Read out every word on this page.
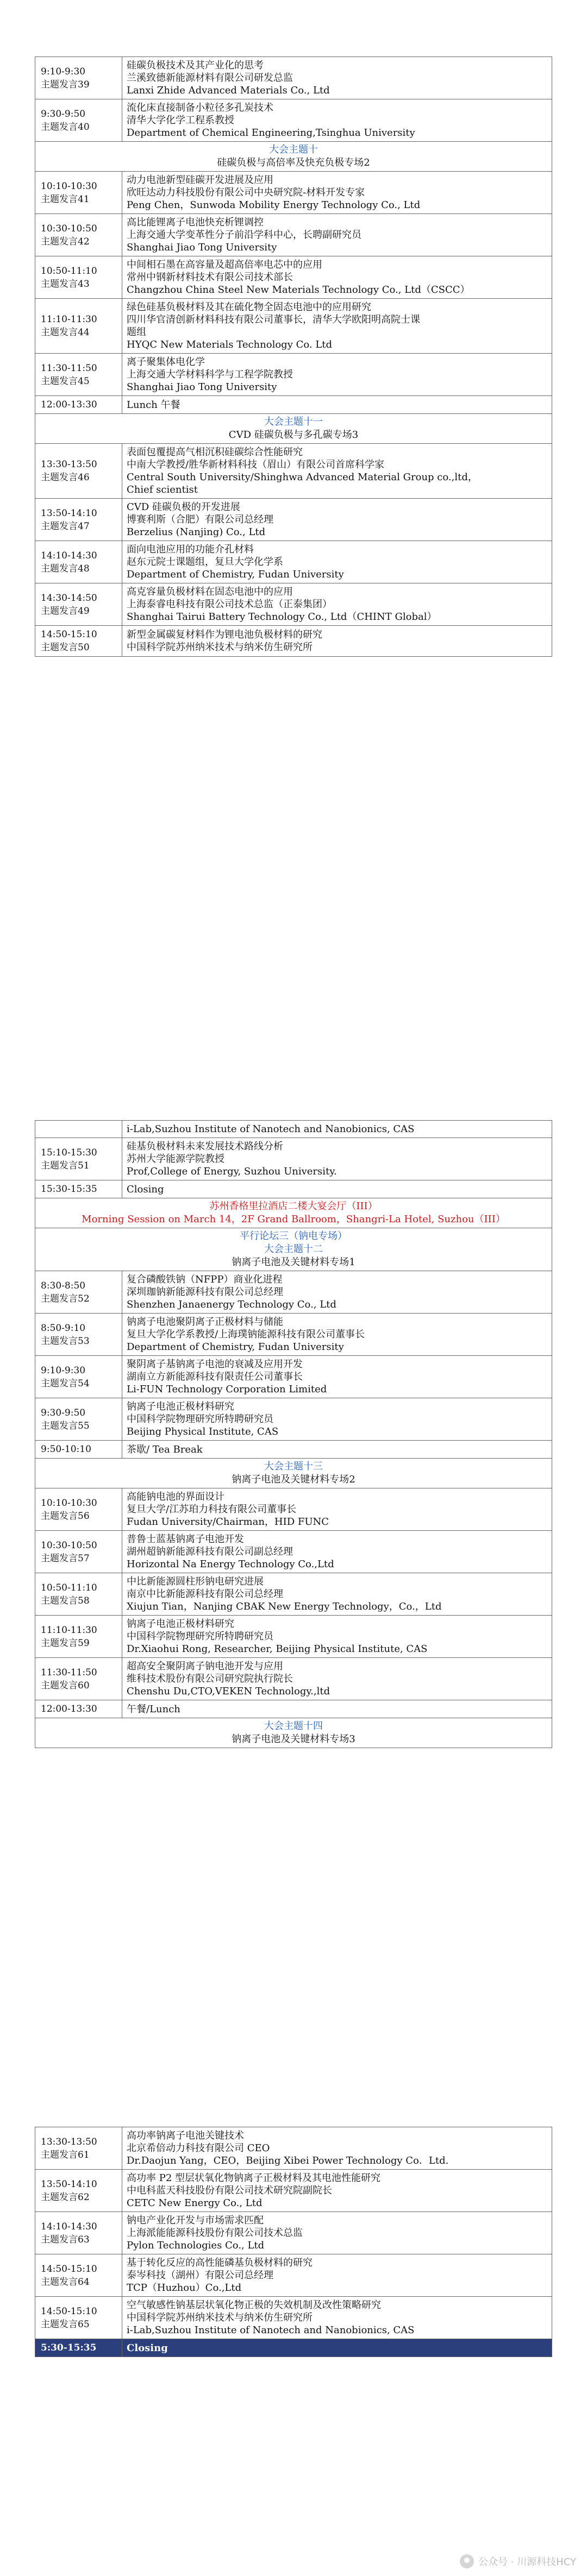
9:10-9:30
主题发言39	硅碳负极技术及其产业化的思考
兰溪致德新能源材料有限公司研发总监
Lanxi Zhide Advanced Materials Co., Ltd

9:30-9:50
主题发言40	流化床直接制备小粒径多孔炭技术
清华大学化学工程系教授
Department of Chemical Engineering,Tsinghua University

大会主题十
硅碳负极与高倍率及快充负极专场2	

10:10-10:30
主题发言41	动力电池新型硅碳开发进展及应用
欣旺达动力科技股份有限公司中央研究院-材料开发专家
Peng Chen，Sunwoda Mobility Energy Technology Co., Ltd

10:30-10:50
主题发言42	高比能锂离子电池快充析锂调控
上海交通大学变革性分子前沿学科中心，长聘副研究员
Shanghai Jiao Tong University

10:50-11:10
主题发言43	中间相石墨在高容量及超高倍率电芯中的应用
常州中钢新材料技术有限公司技术部长
Changzhou China Steel New Materials Technology Co., Ltd（CSCC）

11:10-11:30
主题发言44	绿色硅基负极材料及其在硫化物全固态电池中的应用研究
四川华官清创新材料科技有限公司董事长，清华大学欧阳明高院士课
题组
HYQC New Materials Technology Co. Ltd

11:30-11:50
主题发言45	离子聚集体电化学
上海交通大学材料科学与工程学院教授
Shanghai Jiao Tong University

12:00-13:30	Lunch 午餐

大会主题十一
CVD 硅碳负极与多孔碳专场3	

13:30-13:50
主题发言46	表面包覆提高气相沉积硅碳综合性能研究
中南大学教授/胜华新材料科技（眉山）有限公司首席科学家
Central South University/Shinghwa Advanced Material Group co.,ltd，
Chief scientist

13:50-14:10
主题发言47	CVD 硅碳负极的开发进展
博赛利斯（合肥）有限公司总经理
Berzelius (Nanjing) Co., Ltd

14:10-14:30
主题发言48	面向电池应用的功能介孔材料
赵东元院士课题组，复旦大学化学系
Department of Chemistry, Fudan University

14:30-14:50
主题发言49	高克容量负极材料在固态电池中的应用
上海泰睿电科技有限公司技术总监（正泰集团）
Shanghai Tairui Battery Technology Co., Ltd（CHINT Global）

14:50-15:10
主题发言50	新型金属碳复材料作为锂电池负极材料的研究
中国科学院苏州纳米技术与纳米仿生研究所
	i-Lab,Suzhou Institute of Nanotech and Nanobionics, CAS

15:10-15:30
主题发言51	硅基负极材料未来发展技术路线分析
苏州大学能源学院教授
Prof,College of Energy, Suzhou University.

15:30-15:35	Closing

苏州香格里拉酒店二楼大宴会厅（III）
Morning Session on March 14，2F Grand Ballroom，Shangri-La Hotel, Suzhou（III）	

平行论坛三（钠电专场）
大会主题十二
钠离子电池及关键材料专场1	

8:30-8:50
主题发言52	复合磷酸铁钠（NFPP）商业化进程
深圳珈钠新能源科技有限公司总经理
Shenzhen Janaenergy Technology Co., Ltd

8:50-9:10
主题发言53	钠离子电池聚阴离子正极材料与储能
复旦大学化学系教授/上海璞钠能源科技有限公司董事长
Department of Chemistry, Fudan University

9:10-9:30
主题发言54	聚阴离子基钠离子电池的衰减及应用开发
湖南立方新能源科技有限责任公司董事长
Li-FUN Technology Corporation Limited

9:30-9:50
主题发言55	钠离子电池正极材料研究
中国科学院物理研究所特聘研究员
Beijing Physical Institute, CAS

9:50-10:10	茶歇/ Tea Break

大会主题十三
钠离子电池及关键材料专场2	

10:10-10:30
主题发言56	高能钠电池的界面设计
复旦大学/江苏珀力科技有限公司董事长
Fudan University/Chairman，HID FUNC

10:30-10:50
主题发言57	普鲁士蓝基钠离子电池开发
湖州超钠新能源科技有限公司副总经理
Horizontal Na Energy Technology Co.,Ltd

10:50-11:10
主题发言58	中比新能源圆柱形钠电研究进展
南京中比新能源科技有限公司总经理
Xiujun Tian，Nanjing CBAK New Energy Technology，Co.，Ltd

11:10-11:30
主题发言59	钠离子电池正极材料研究
中国科学院物理研究所特聘研究员
Dr.Xiaohui Rong, Researcher, Beijing Physical Institute, CAS

11:30-11:50
主题发言60	超高安全聚阴离子钠电池开发与应用
维科技术股份有限公司研究院执行院长
Chenshu Du,CTO,VEKEN Technology.,ltd

12:00-13:30	午餐/Lunch

大会主题十四
钠离子电池及关键材料专场3	
13:30-13:50
主题发言61	高功率钠离子电池关键技术
北京希倍动力科技有限公司 CEO
Dr.Daojun Yang，CEO，Beijing Xibei Power Technology Co．Ltd.

13:50-14:10
主题发言62	高功率 P2 型层状氧化物钠离子正极材料及其电池性能研究
中电科蓝天科技股份有限公司技术研究院副院长
CETC New Energy Co., Ltd

14:10-14:30
主题发言63	钠电产业化开发与市场需求匹配
上海派能能源科技股份有限公司技术总监
Pylon Technologies Co., Ltd

14:50-15:10
主题发言64	基于转化反应的高性能磷基负极材料的研究
泰岑科技（湖州）有限公司总经理
TCP（Huzhou）Co.,Ltd

14:50-15:10
主题发言65	空气敏感性钠基层状氧化物正极的失效机制及改性策略研究
中国科学院苏州纳米技术与纳米仿生研究所
i-Lab,Suzhou Institute of Nanotech and Nanobionics, CAS

5:30-15:35	Closing
公众号 · 川源科技HCY
